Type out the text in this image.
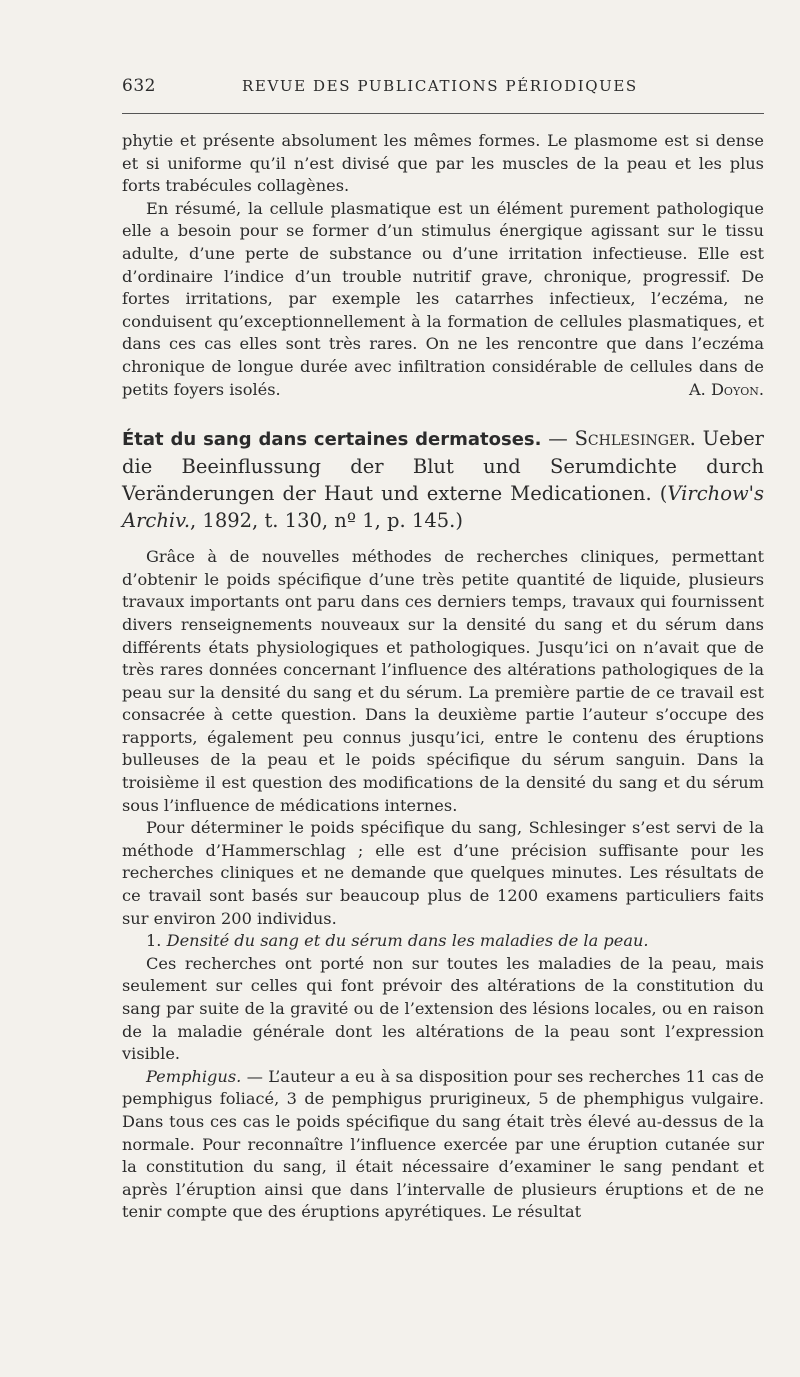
632	REVUE DES PUBLICATIONS PÉRIODIQUES

phytie et présente absolument les mêmes formes. Le plasmome est si dense et si uniforme qu’il n’est divisé que par les muscles de la peau et les plus forts trabécules collagènes.

En résumé, la cellule plasmatique est un élément purement pathologique elle a besoin pour se former d’un stimulus énergique agissant sur le tissu adulte, d’une perte de substance ou d’une irritation infectieuse. Elle est d’ordinaire l’indice d’un trouble nutritif grave, chronique, progressif. De fortes irritations, par exemple les catarrhes infectieux, l’eczéma, ne conduisent qu’exceptionnellement à la formation de cellules plasmatiques, et dans ces cas elles sont très rares. On ne les rencontre que dans l’eczéma chronique de longue durée avec infiltration considérable de cellules dans de petits foyers isolés.	A. Doyon.

État du sang dans certaines dermatoses. — Schlesinger. Ueber die Beeinflussung der Blut und Serumdichte durch Veränderungen der Haut und externe Medicationen. (Virchow's Archiv., 1892, t. 130, nº 1, p. 145.)

Grâce à de nouvelles méthodes de recherches cliniques, permettant d’obtenir le poids spécifique d’une très petite quantité de liquide, plusieurs travaux importants ont paru dans ces derniers temps, travaux qui fournissent divers renseignements nouveaux sur la densité du sang et du sérum dans différents états physiologiques et pathologiques. Jusqu’ici on n’avait que de très rares données concernant l’influence des altérations pathologiques de la peau sur la densité du sang et du sérum. La première partie de ce travail est consacrée à cette question. Dans la deuxième partie l’auteur s’occupe des rapports, également peu connus jusqu’ici, entre le contenu des éruptions bulleuses de la peau et le poids spécifique du sérum sanguin. Dans la troisième il est question des modifications de la densité du sang et du sérum sous l’influence de médications internes.

Pour déterminer le poids spécifique du sang, Schlesinger s’est servi de la méthode d’Hammerschlag ; elle est d’une précision suffisante pour les recherches cliniques et ne demande que quelques minutes. Les résultats de ce travail sont basés sur beaucoup plus de 1200 examens particuliers faits sur environ 200 individus.

1. Densité du sang et du sérum dans les maladies de la peau.

Ces recherches ont porté non sur toutes les maladies de la peau, mais seulement sur celles qui font prévoir des altérations de la constitution du sang par suite de la gravité ou de l’extension des lésions locales, ou en raison de la maladie générale dont les altérations de la peau sont l’expression visible.

Pemphigus. — L’auteur a eu à sa disposition pour ses recherches 11 cas de pemphigus foliacé, 3 de pemphigus prurigineux, 5 de phemphigus vulgaire. Dans tous ces cas le poids spécifique du sang était très élevé au-dessus de la normale. Pour reconnaître l’influence exercée par une éruption cutanée sur la constitution du sang, il était nécessaire d’examiner le sang pendant et après l’éruption ainsi que dans l’intervalle de plusieurs éruptions et de ne tenir compte que des éruptions apyrétiques. Le résultat
